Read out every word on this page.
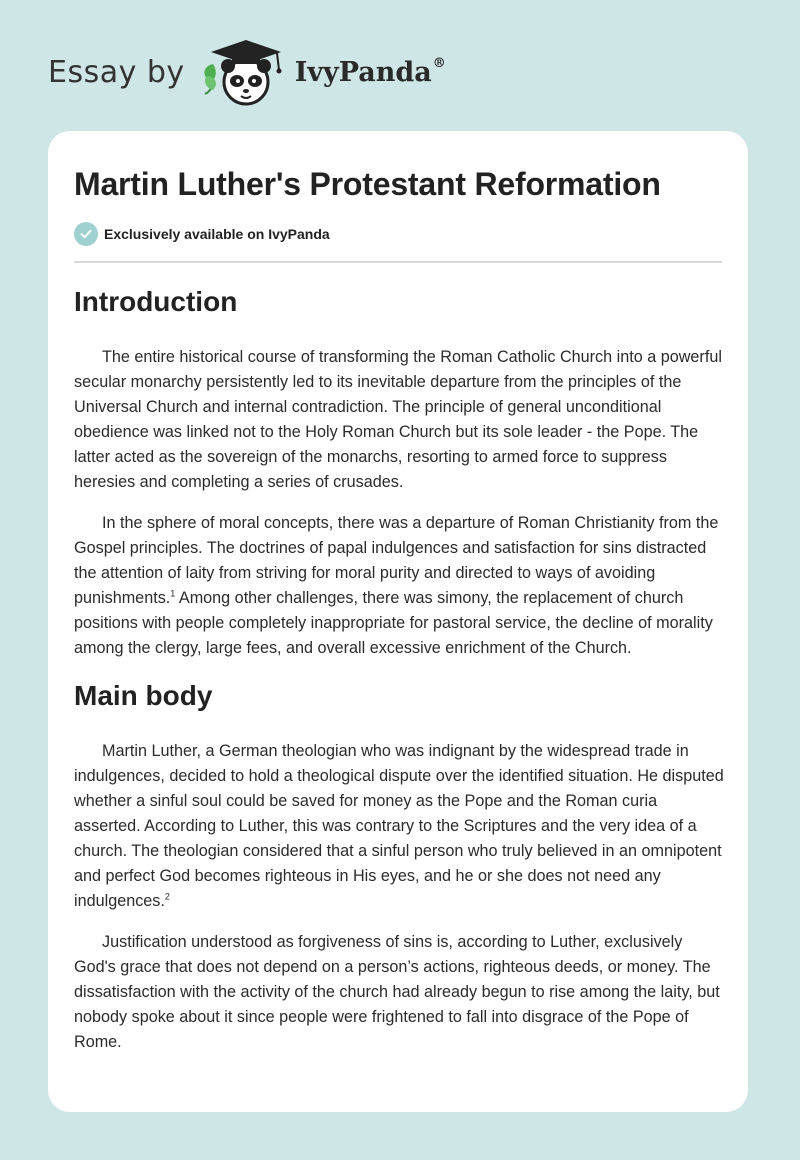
Essay by	IvyPanda®
Martin Luther's Protestant Reformation
Exclusively available on IvyPanda
Introduction

The entire historical course of transforming the Roman Catholic Church into a powerful secular monarchy persistently led to its inevitable departure from the principles of the Universal Church and internal contradiction. The principle of general unconditional obedience was linked not to the Holy Roman Church but its sole leader - the Pope. The latter acted as the sovereign of the monarchs, resorting to armed force to suppress heresies and completing a series of crusades.

In the sphere of moral concepts, there was a departure of Roman Christianity from the Gospel principles. The doctrines of papal indulgences and satisfaction for sins distracted the attention of laity from striving for moral purity and directed to ways of avoiding punishments.$^1$ Among other challenges, there was simony, the replacement of church positions with people completely inappropriate for pastoral service, the decline of morality among the clergy, large fees, and overall excessive enrichment of the Church.

Main body

Martin Luther, a German theologian who was indignant by the widespread trade in indulgences, decided to hold a theological dispute over the identified situation. He disputed whether a sinful soul could be saved for money as the Pope and the Roman curia asserted. According to Luther, this was contrary to the Scriptures and the very idea of a church. The theologian considered that a sinful person who truly believed in an omnipotent and perfect God becomes righteous in His eyes, and he or she does not need any indulgences.$^2$

Justification understood as forgiveness of sins is, according to Luther, exclusively God's grace that does not depend on a person’s actions, righteous deeds, or money. The dissatisfaction with the activity of the church had already begun to rise among the laity, but nobody spoke about it since people were frightened to fall into disgrace of the Pope of Rome.
